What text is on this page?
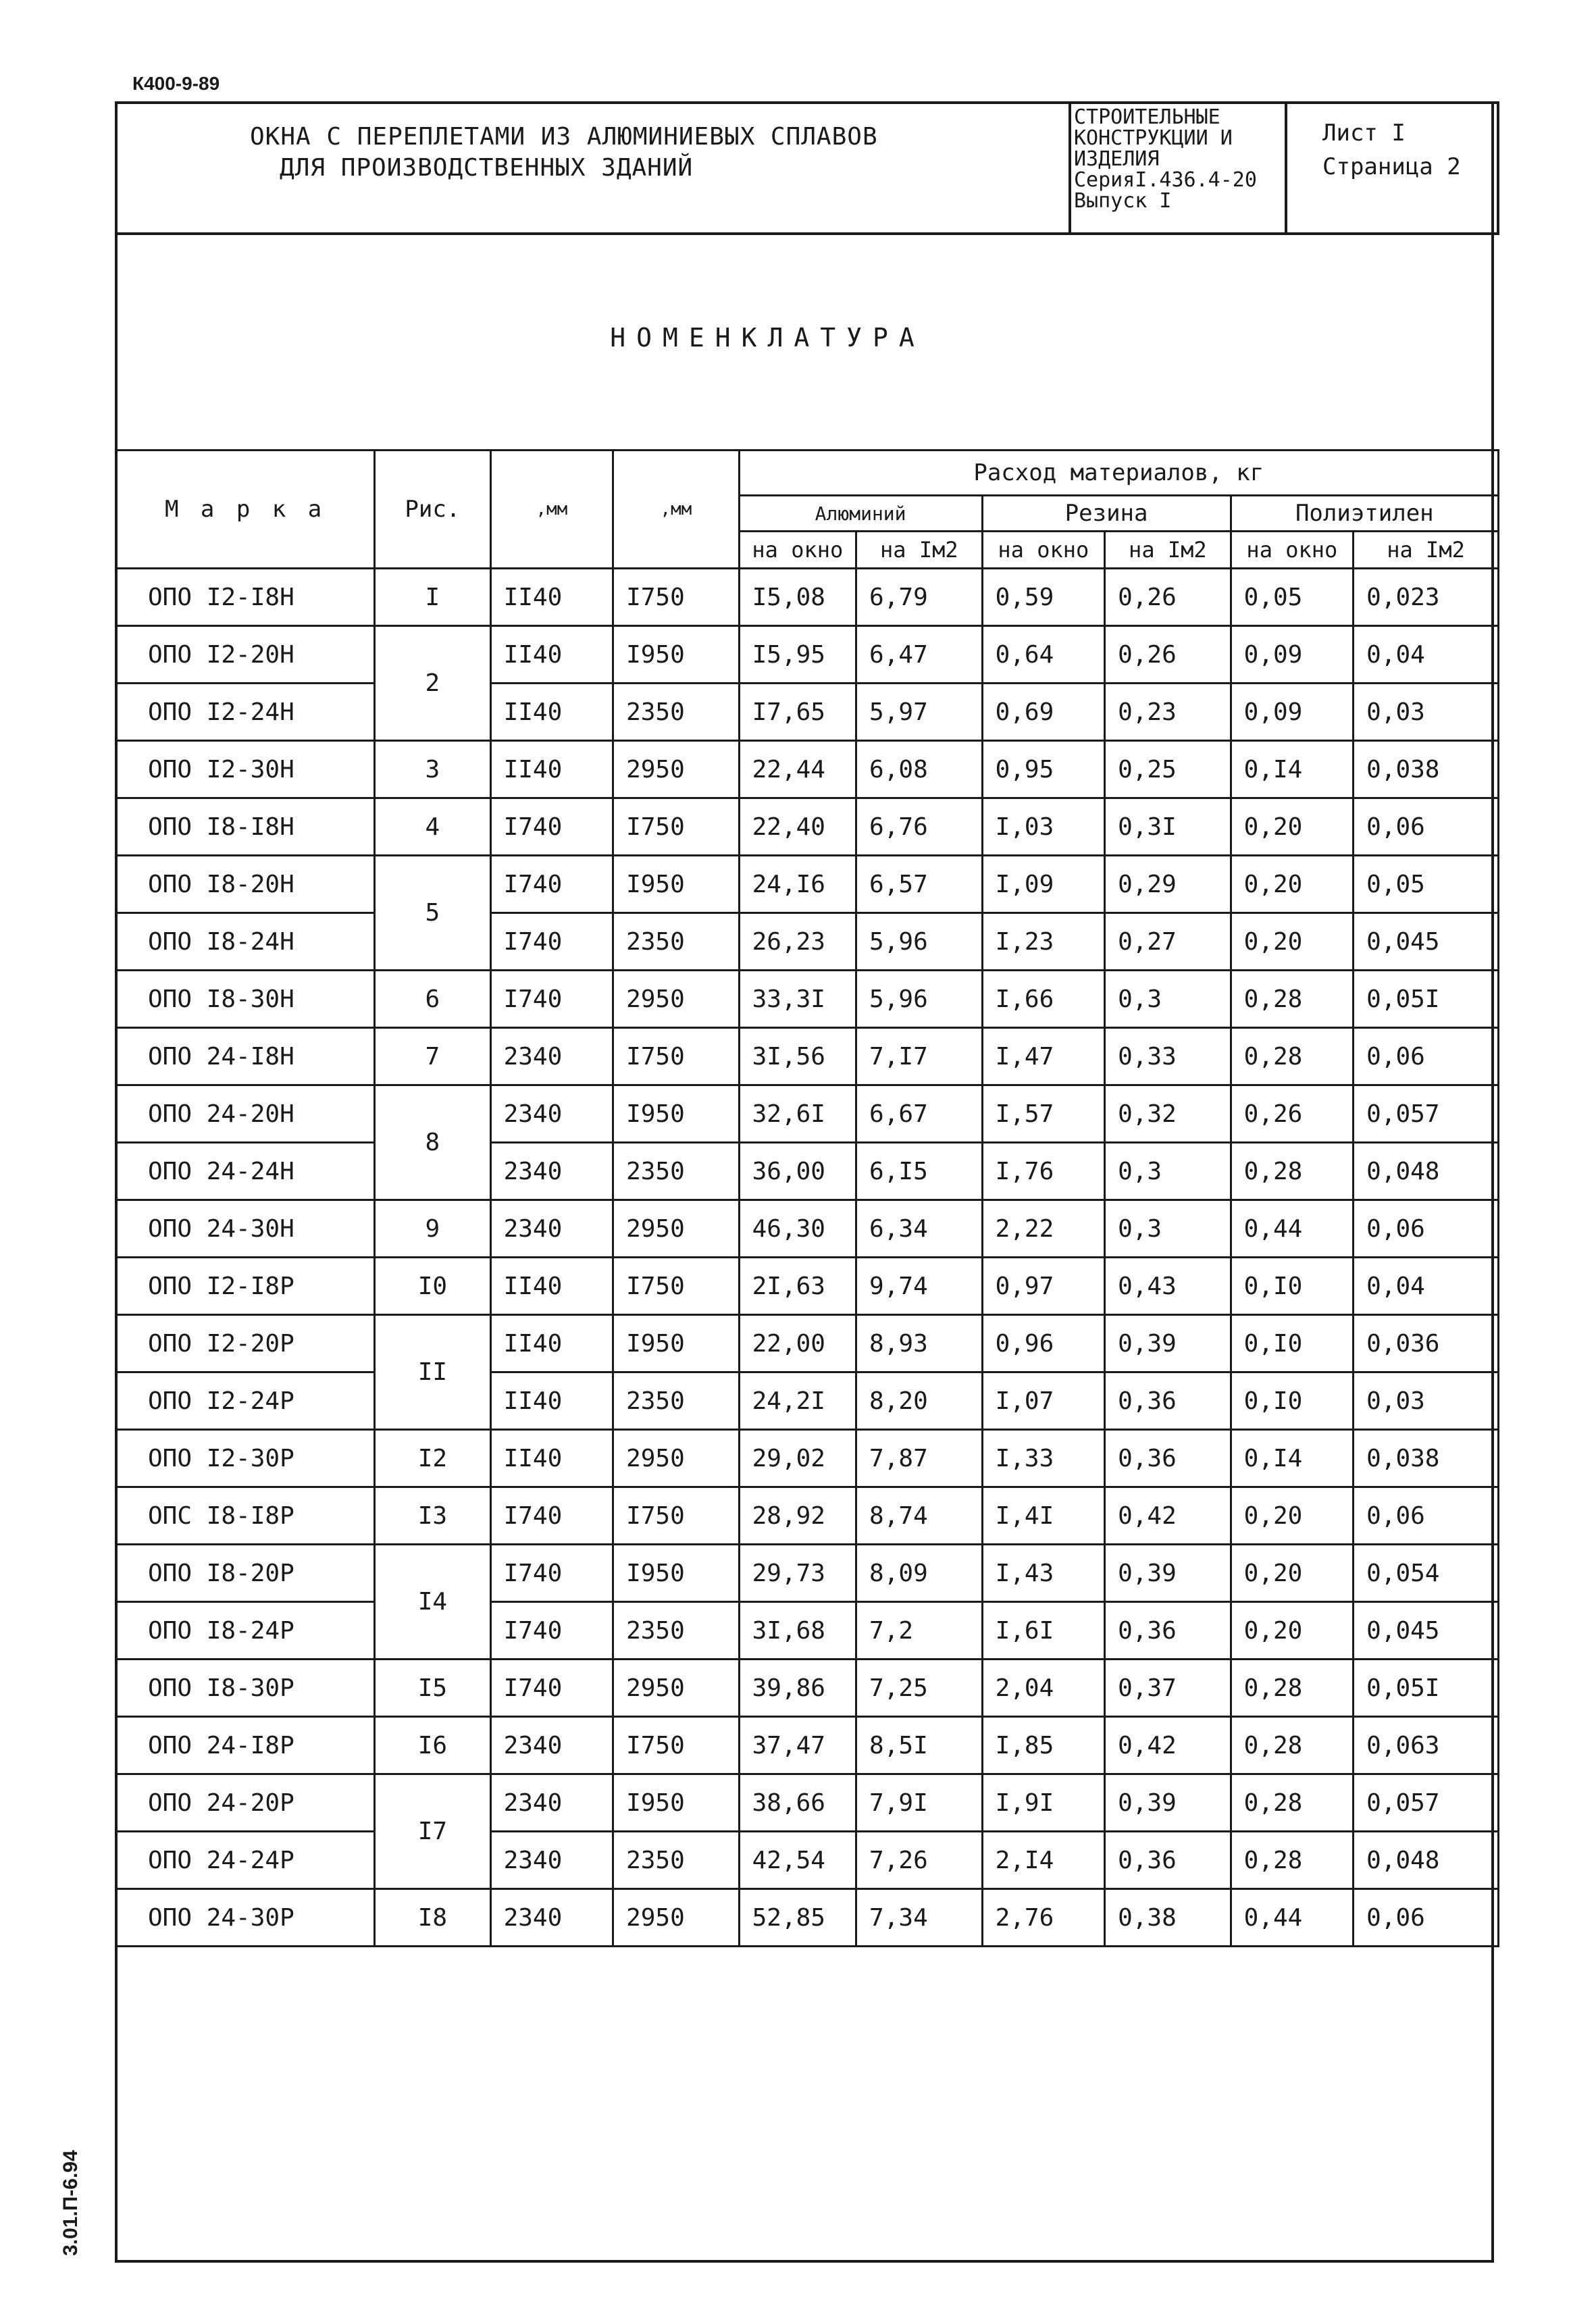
К400-9-89
ОКНА С ПЕРЕПЛЕТАМИ ИЗ АЛЮМИНИЕВЫХ СПЛАВОВ
ДЛЯ ПРОИЗВОДСТВЕННЫХ ЗДАНИЙ
СТРОИТЕЛЬНЫЕ
КОНСТРУКЦИИ И
ИЗДЕЛИЯ
СерияI.436.4-20
Выпуск I
Лист I
Страница 2
НОМЕНКЛАТУРА
М а р к а	Рис.	,мм	,мм	Расход материалов, кг					
				Алюминий		Резина		Полиэтилен	
				на окно	на Iм2	на окно	на Iм2	на окно	на Iм2
ОПО I2-I8Н	I	II40	I750	I5,08	6,79	0,59	0,26	0,05	0,023
ОПО I2-20Н	2	II40	I950	I5,95	6,47	0,64	0,26	0,09	0,04
ОПО I2-24Н		II40	2350	I7,65	5,97	0,69	0,23	0,09	0,03
ОПО I2-30Н	3	II40	2950	22,44	6,08	0,95	0,25	0,I4	0,038
ОПО I8-I8Н	4	I740	I750	22,40	6,76	I,03	0,3I	0,20	0,06
ОПО I8-20Н	5	I740	I950	24,I6	6,57	I,09	0,29	0,20	0,05
ОПО I8-24Н		I740	2350	26,23	5,96	I,23	0,27	0,20	0,045
ОПО I8-30Н	6	I740	2950	33,3I	5,96	I,66	0,3	0,28	0,05I
ОПО 24-I8Н	7	2340	I750	3I,56	7,I7	I,47	0,33	0,28	0,06
ОПО 24-20Н	8	2340	I950	32,6I	6,67	I,57	0,32	0,26	0,057
ОПО 24-24Н		2340	2350	36,00	6,I5	I,76	0,3	0,28	0,048
ОПО 24-30Н	9	2340	2950	46,30	6,34	2,22	0,3	0,44	0,06
ОПО I2-I8Р	I0	II40	I750	2I,63	9,74	0,97	0,43	0,I0	0,04
ОПО I2-20Р	II	II40	I950	22,00	8,93	0,96	0,39	0,I0	0,036
ОПО I2-24Р		II40	2350	24,2I	8,20	I,07	0,36	0,I0	0,03
ОПО I2-30Р	I2	II40	2950	29,02	7,87	I,33	0,36	0,I4	0,038
ОПС I8-I8Р	I3	I740	I750	28,92	8,74	I,4I	0,42	0,20	0,06
ОПО I8-20Р	I4	I740	I950	29,73	8,09	I,43	0,39	0,20	0,054
ОПО I8-24Р		I740	2350	3I,68	7,2	I,6I	0,36	0,20	0,045
ОПО I8-30Р	I5	I740	2950	39,86	7,25	2,04	0,37	0,28	0,05I
ОПО 24-I8Р	I6	2340	I750	37,47	8,5I	I,85	0,42	0,28	0,063
ОПО 24-20Р	I7	2340	I950	38,66	7,9I	I,9I	0,39	0,28	0,057
ОПО 24-24Р		2340	2350	42,54	7,26	2,I4	0,36	0,28	0,048
ОПО 24-30Р	I8	2340	2950	52,85	7,34	2,76	0,38	0,44	0,06
3.01.П-6.94
